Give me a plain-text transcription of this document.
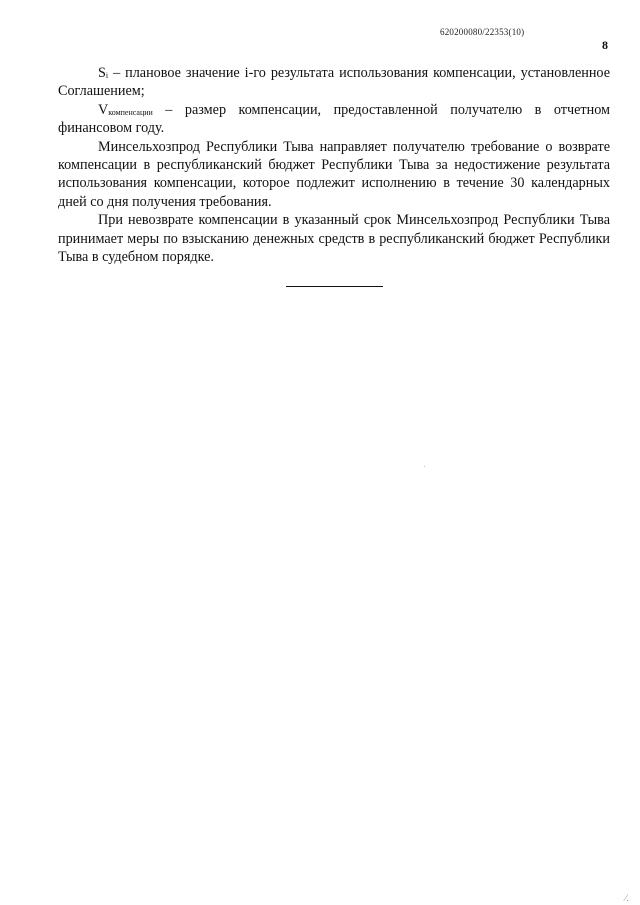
620200080/22353(10)
8

Si – плановое значение i-го результата использования компенсации, установленное Соглашением;

Vкомпенсации – размер компенсации, предоставленной получателю в отчетном финансовом году.

Минсельхозпрод Республики Тыва направляет получателю требование о возврате компенсации в республиканский бюджет Республики Тыва за недостижение результата использования компенсации, которое подлежит исполнению в течение 30 календарных дней со дня получения требования.

При невозврате компенсации в указанный срок Минсельхозпрод Республики Тыва принимает меры по взысканию денежных средств в республиканский бюджет Республики Тыва в судебном порядке.

⁄.
